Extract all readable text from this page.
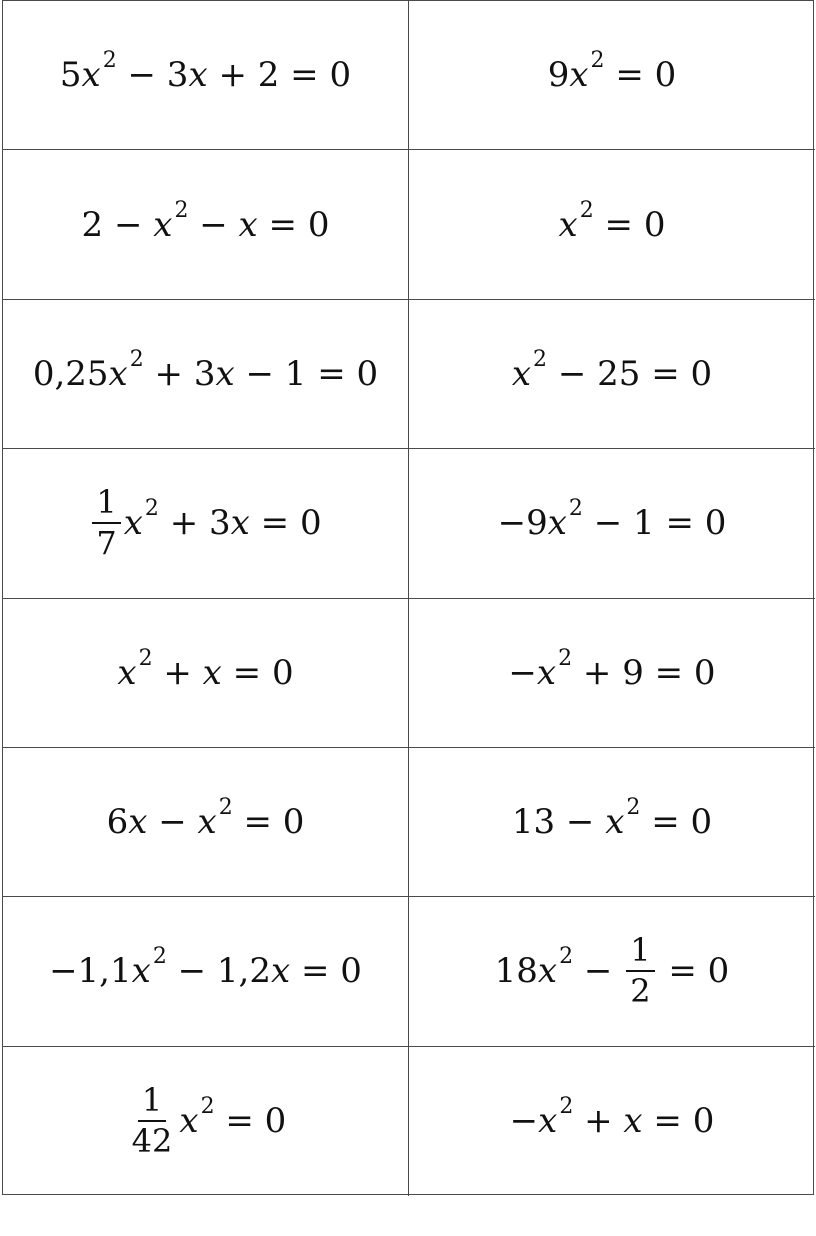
5 x 2 − 3 x + 2 = 0	9 x 2 = 0
2 − x 2 − x = 0	x 2 = 0
0,25 x 2 + 3 x − 1 = 0	x 2 − 25 = 0
$\frac{1}{7}$ x 2 + 3 x = 0	−9 x 2 − 1 = 0
x 2 + x = 0	− x 2 + 9 = 0
6 x − x 2 = 0	13 − x 2 = 0
−1,1 x 2 − 1,2 x = 0	18 x $2 - \frac{1}{2} = 0$
$\frac{1}{42}$ x 2 = 0	− x 2 + x = 0
